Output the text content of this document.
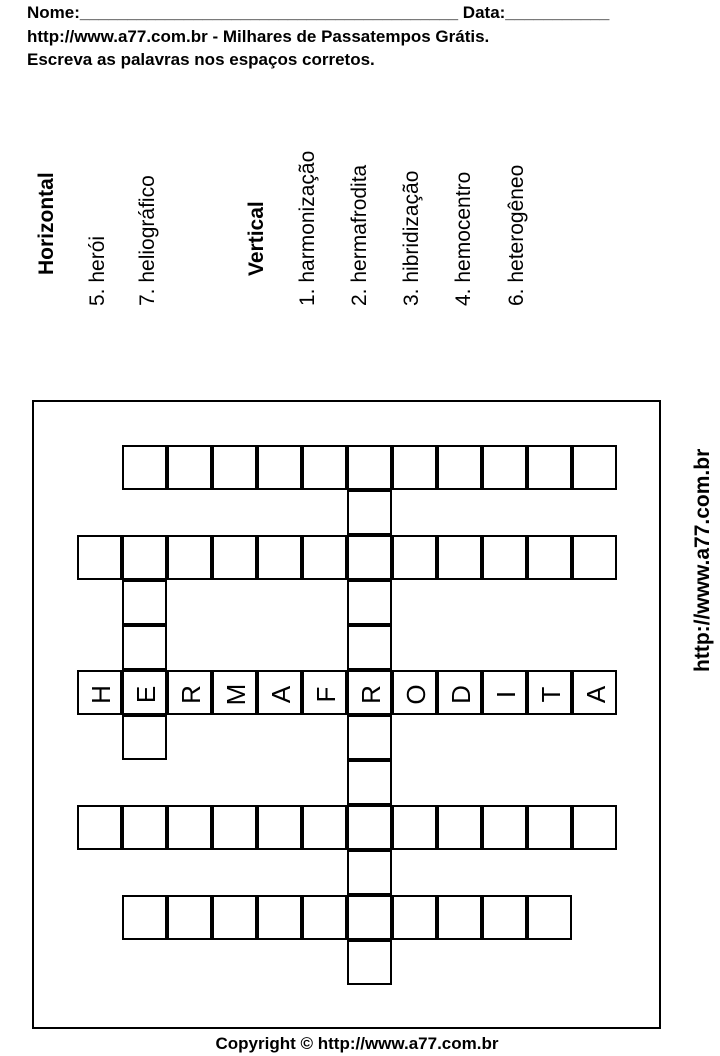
Nome:________________________________________ Data:___________
http://www.a77.com.br - Milhares de Passatempos Grátis.
Escreva as palavras nos espaços corretos.
Horizontal 5. herói 7. heliográfico	Vertical 1. harmonização 2. hermafrodita 3. hibridização 4. hemocentro 6. heterogêneo
http://www.a77.com.br
H E R M A F R O D I T A
Copyright © http://www.a77.com.br
